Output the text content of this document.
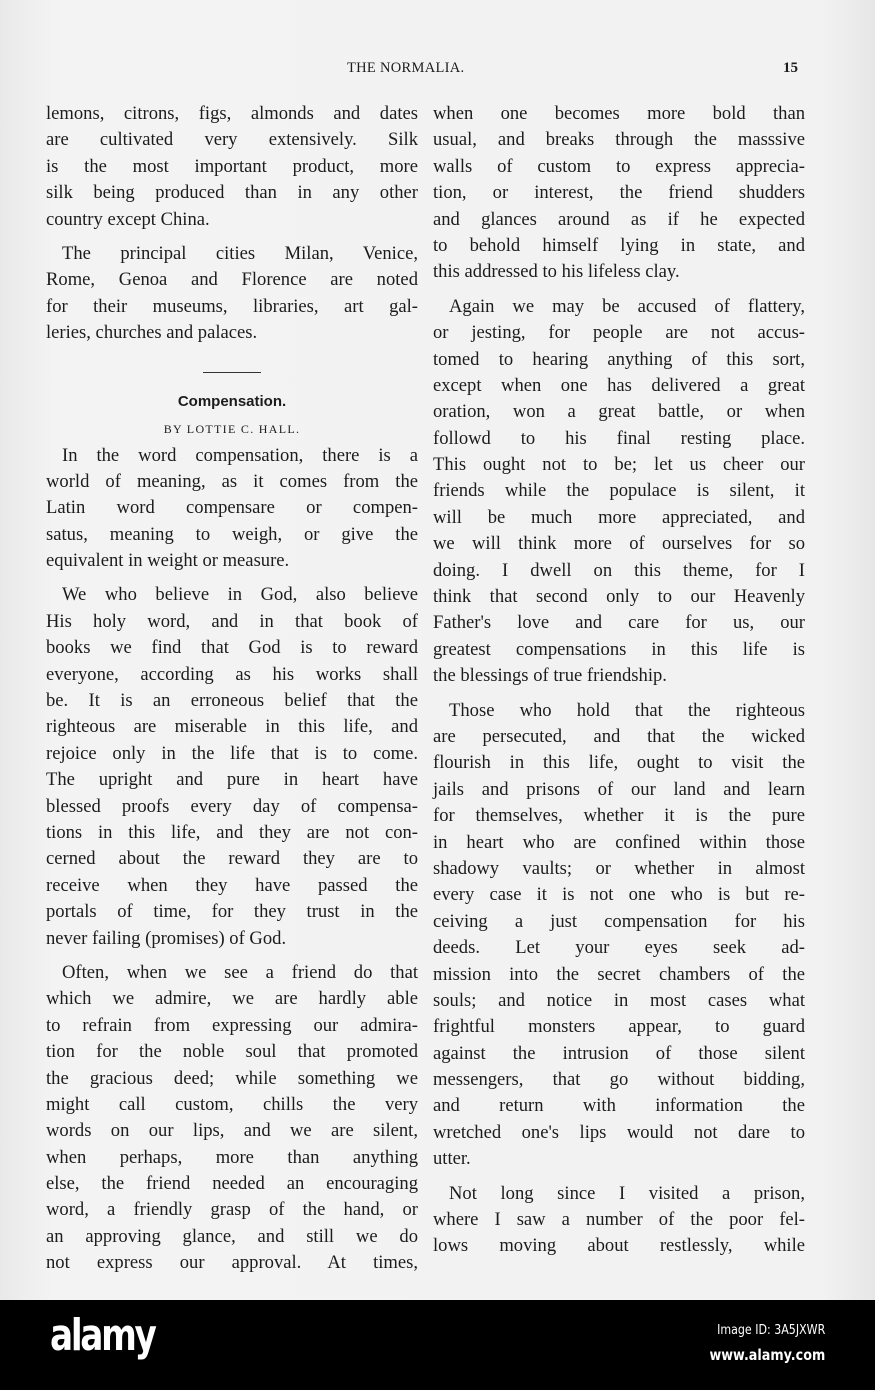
THE NORMALIA.	15
lemons, citrons, figs, almonds and dates
are cultivated very extensively. Silk
is the most important product, more
silk being produced than in any other
country except China.
The principal cities Milan, Venice,
Rome, Genoa and Florence are noted
for their museums, libraries, art gal-
leries, churches and palaces.
Compensation.
BY LOTTIE C. HALL.
In the word compensation, there is a
world of meaning, as it comes from the
Latin word compensare or compen-
satus, meaning to weigh, or give the
equivalent in weight or measure.
We who believe in God, also believe
His holy word, and in that book of
books we find that God is to reward
everyone, according as his works shall
be. It is an erroneous belief that the
righteous are miserable in this life, and
rejoice only in the life that is to come.
The upright and pure in heart have
blessed proofs every day of compensa-
tions in this life, and they are not con-
cerned about the reward they are to
receive when they have passed the
portals of time, for they trust in the
never failing (promises) of God.
Often, when we see a friend do that
which we admire, we are hardly able
to refrain from expressing our admira-
tion for the noble soul that promoted
the gracious deed; while something we
might call custom, chills the very
words on our lips, and we are silent,
when perhaps, more than anything
else, the friend needed an encouraging
word, a friendly grasp of the hand, or
an approving glance, and still we do
not express our approval. At times,
when one becomes more bold than
usual, and breaks through the masssive
walls of custom to express apprecia-
tion, or interest, the friend shudders
and glances around as if he expected
to behold himself lying in state, and
this addressed to his lifeless clay.
Again we may be accused of flattery,
or jesting, for people are not accus-
tomed to hearing anything of this sort,
except when one has delivered a great
oration, won a great battle, or when
followd to his final resting place.
This ought not to be; let us cheer our
friends while the populace is silent, it
will be much more appreciated, and
we will think more of ourselves for so
doing. I dwell on this theme, for I
think that second only to our Heavenly
Father's love and care for us, our
greatest compensations in this life is
the blessings of true friendship.
Those who hold that the righteous
are persecuted, and that the wicked
flourish in this life, ought to visit the
jails and prisons of our land and learn
for themselves, whether it is the pure
in heart who are confined within those
shadowy vaults; or whether in almost
every case it is not one who is but re-
ceiving a just compensation for his
deeds. Let your eyes seek ad-
mission into the secret chambers of the
souls; and notice in most cases what
frightful monsters appear, to guard
against the intrusion of those silent
messengers, that go without bidding,
and return with information the
wretched one's lips would not dare to
utter.
Not long since I visited a prison,
where I saw a number of the poor fel-
lows moving about restlessly, while
alamy	Image ID: 3A5JXWR
www.alamy.com
